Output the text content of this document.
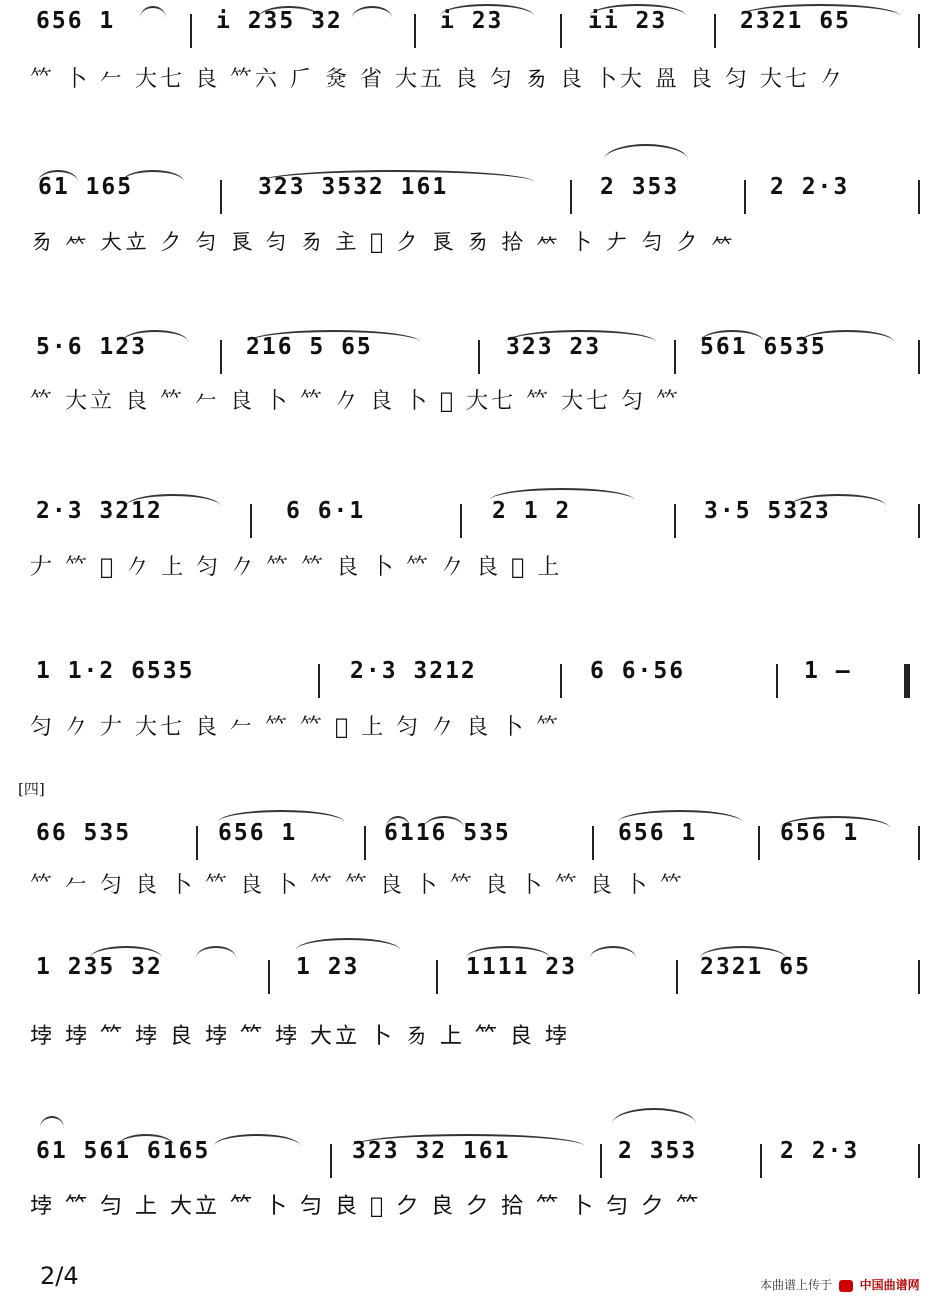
656 1	i 235 32	i 23	ii 23	2321 65
𥫗 卜 𠂉 大七 良 𥫗六 𠂆 𡕛 省 大五 良 匀 𠃓 良 卜大 𥁕 良 匀 大七 𠂊
61 165	323 3532 161	2 353	2 2·3
𠃓 𥫗 大立 𠂊 匀 良 匀 𠃓 主 𠂋 𠂊 良 𠃓 拾 𥫗 卜 𠂇 匀 𠂊 𥫗
5·6 123	216 5 65	323 23	561 6535
𥫗 大立 良 𥫗 𠂉 良 卜 𥫗 𠂊 良 卜 𠂋 大七 𥫗 大七 匀 𥫗
2·3 3212	6 6·1	2 1 2	3·5 5323
𠂇 𥫗 𠂋 𠂊 上 匀 𠂊 𥫗 𥫗 良 卜 𥫗 𠂊 良 𠂋 上
1 1·2 6535	2·3 3212	6 6·56	1 —
匀 𠂊 𠂇 大七 良 𠂉 𥫗 𥫗 𠂋 上 匀 𠂊 良 卜 𥫗
[四]
66 535	656 1	6116 535	656 1	656 1
𥫗 𠂉 匀 良 卜 𥫗 良 卜 𥫗 𥫗 良 卜 𥫗 良 卜 𥫗 良 卜 𥫗
1 235 32	1 23	1111 23	2321 65
𡋯 𡋯 𥫗 𡋯 良 𡋯 𥫗 𡋯 大立 卜 𠃓 上 𥫗 良 𡋯
61 561 6165	323 32 161	2 353	2 2·3
𡋯 𥫗 匀 上 大立 𥫗 卜 匀 良 𠂋 𠂊 良 𠂊 拾 𥫗 卜 匀 𠂊 𥫗
2/4	本曲谱上传于 中国曲谱网
